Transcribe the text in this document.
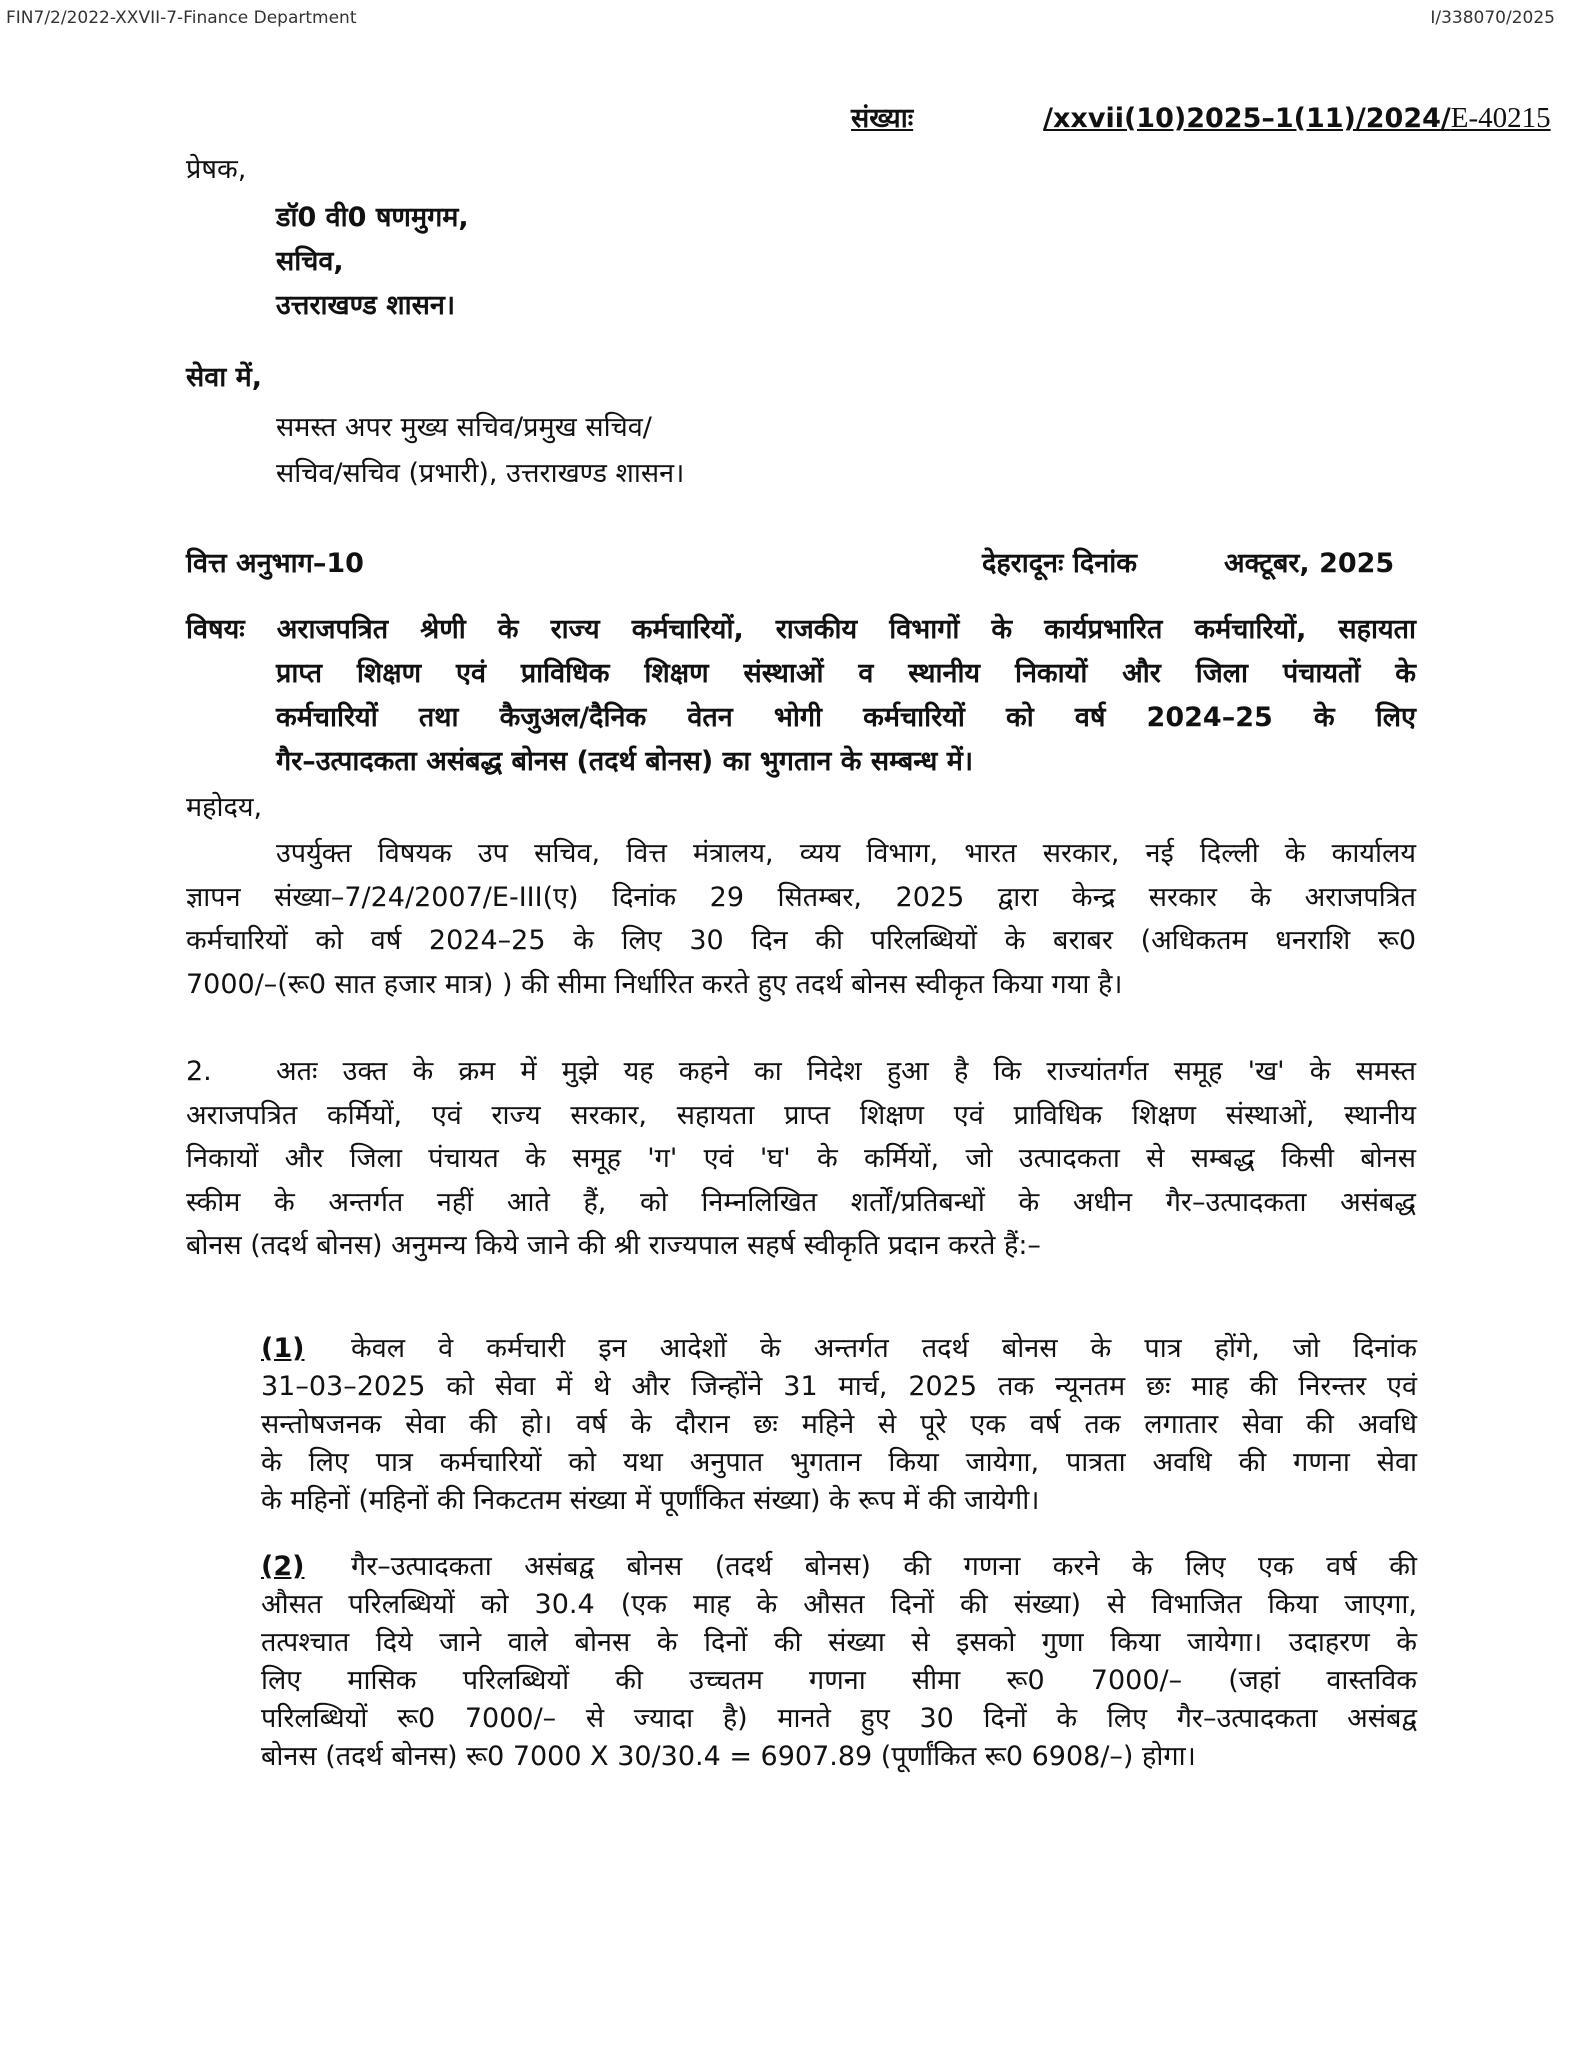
FIN7/2/2022-XXVII-7-Finance Department	I/338070/2025
संख्याः	/xxvii(10)2025–1(11)/2024/E-40215
प्रेषक,
डॉ0 वी0 षणमुगम,
सचिव,
उत्तराखण्ड शासन।
सेवा में,
समस्त अपर मुख्य सचिव/प्रमुख सचिव/
सचिव/सचिव (प्रभारी), उत्तराखण्ड शासन।
वित्त अनुभाग–10	देहरादूनः दिनांक	अक्टूबर, 2025
विषयः अराजपत्रित श्रेणी के राज्य कर्मचारियों, राजकीय विभागों के कार्यप्रभारित कर्मचारियों, सहायता
प्राप्त शिक्षण एवं प्राविधिक शिक्षण संस्थाओं व स्थानीय निकायों और जिला पंचायतों के
कर्मचारियों तथा कैजुअल/दैनिक वेतन भोगी कर्मचारियों को वर्ष 2024–25 के लिए
गैर–उत्पादकता असंबद्ध बोनस (तदर्थ बोनस) का भुगतान के सम्बन्ध में।
महोदय,
उपर्युक्त विषयक उप सचिव, वित्त मंत्रालय, व्यय विभाग, भारत सरकार, नई दिल्ली के कार्यालय
ज्ञापन संख्या–7/24/2007/E-III(ए) दिनांक 29 सितम्बर, 2025 द्वारा केन्द्र सरकार के अराजपत्रित
कर्मचारियों को वर्ष 2024–25 के लिए 30 दिन की परिलब्धियों के बराबर (अधिकतम धनराशि रू0
7000/–(रू0 सात हजार मात्र) ) की सीमा निर्धारित करते हुए तदर्थ बोनस स्वीकृत किया गया है।
2. अतः उक्त के क्रम में मुझे यह कहने का निदेश हुआ है कि राज्यांतर्गत समूह 'ख' के समस्त
अराजपत्रित कर्मियों, एवं राज्य सरकार, सहायता प्राप्त शिक्षण एवं प्राविधिक शिक्षण संस्थाओं, स्थानीय
निकायों और जिला पंचायत के समूह 'ग' एवं 'घ' के कर्मियों, जो उत्पादकता से सम्बद्ध किसी बोनस
स्कीम के अन्तर्गत नहीं आते हैं, को निम्नलिखित शर्तों/प्रतिबन्धों के अधीन गैर–उत्पादकता असंबद्ध
बोनस (तदर्थ बोनस) अनुमन्य किये जाने की श्री राज्यपाल सहर्ष स्वीकृति प्रदान करते हैं:–
(1) केवल वे कर्मचारी इन आदेशों के अन्तर्गत तदर्थ बोनस के पात्र होंगे, जो दिनांक
31–03–2025 को सेवा में थे और जिन्होंने 31 मार्च, 2025 तक न्यूनतम छः माह की निरन्तर एवं
सन्तोषजनक सेवा की हो। वर्ष के दौरान छः महिने से पूरे एक वर्ष तक लगातार सेवा की अवधि
के लिए पात्र कर्मचारियों को यथा अनुपात भुगतान किया जायेगा, पात्रता अवधि की गणना सेवा
के महिनों (महिनों की निकटतम संख्या में पूर्णांकित संख्या) के रूप में की जायेगी।
(2) गैर–उत्पादकता असंबद्व बोनस (तदर्थ बोनस) की गणना करने के लिए एक वर्ष की
औसत परिलब्धियों को 30.4 (एक माह के औसत दिनों की संख्या) से विभाजित किया जाएगा,
तत्पश्चात दिये जाने वाले बोनस के दिनों की संख्या से इसको गुणा किया जायेगा। उदाहरण के
लिए मासिक परिलब्धियों की उच्चतम गणना सीमा रू0 7000/– (जहां वास्तविक
परिलब्धियों रू0 7000/– से ज्यादा है) मानते हुए 30 दिनों के लिए गैर–उत्पादकता असंबद्व
बोनस (तदर्थ बोनस) रू0 7000 X 30/30.4 = 6907.89 (पूर्णांकित रू0 6908/–) होगा।
